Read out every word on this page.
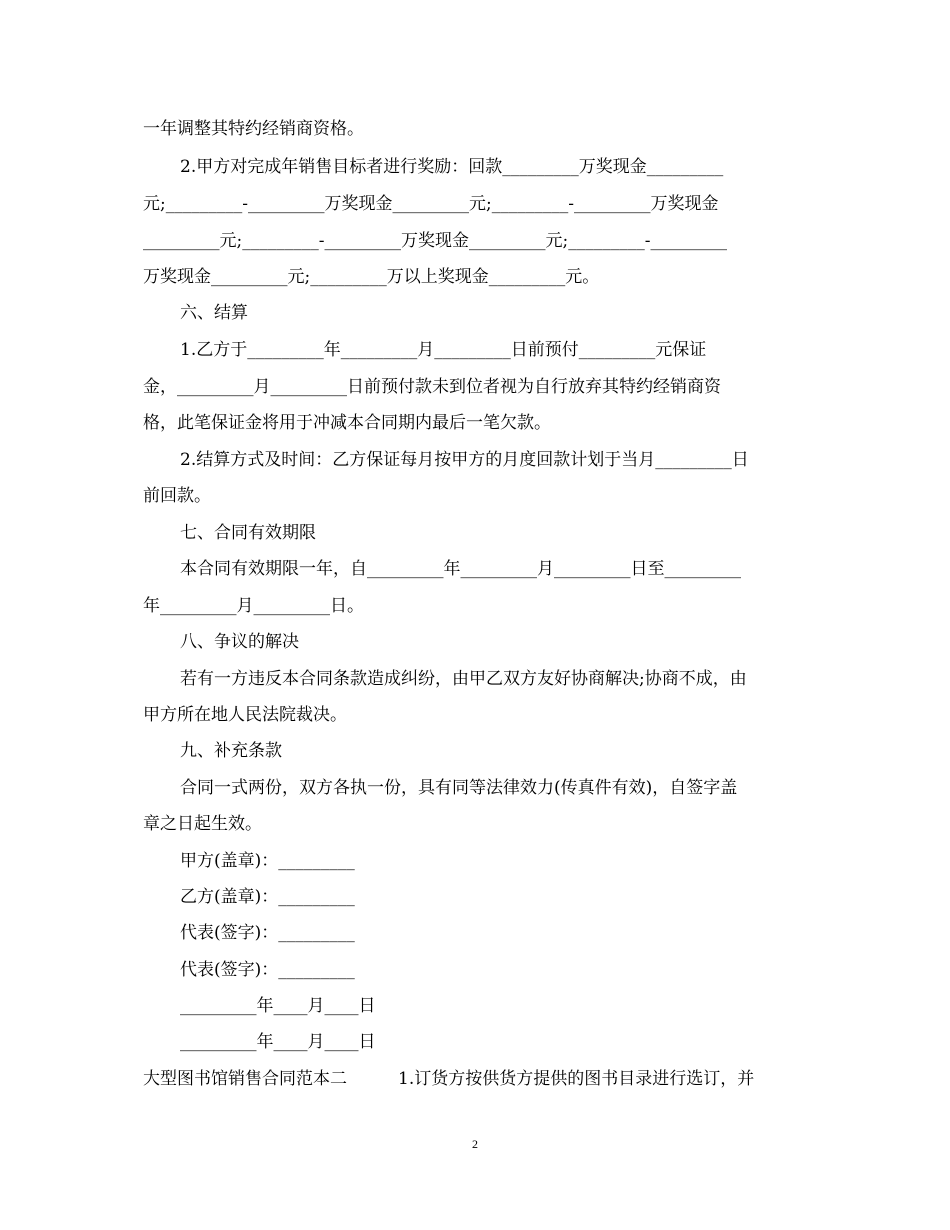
一年调整其特约经销商资格。
2.甲方对完成年销售目标者进行奖励：回款_________万奖现金_________
元;_________-_________万奖现金_________元;_________-_________万奖现金
_________元;_________-_________万奖现金_________元;_________-_________
万奖现金_________元;_________万以上奖现金_________元。
六、结算
1.乙方于_________年_________月_________日前预付_________元保证
金，_________月_________日前预付款未到位者视为自行放弃其特约经销商资
格，此笔保证金将用于冲减本合同期内最后一笔欠款。
2.结算方式及时间：乙方保证每月按甲方的月度回款计划于当月_________日
前回款。
七、合同有效期限
本合同有效期限一年，自_________年_________月_________日至_________
年_________月_________日。
八、争议的解决
若有一方违反本合同条款造成纠纷，由甲乙双方友好协商解决;协商不成，由
甲方所在地人民法院裁决。
九、补充条款
合同一式两份，双方各执一份，具有同等法律效力(传真件有效)，自签字盖
章之日起生效。
甲方(盖章)：_________
乙方(盖章)：_________
代表(签字)：_________
代表(签字)：_________
_________年____月____日
_________年____月____日
大型图书馆销售合同范本二	1.订货方按供货方提供的图书目录进行选订，并
2
